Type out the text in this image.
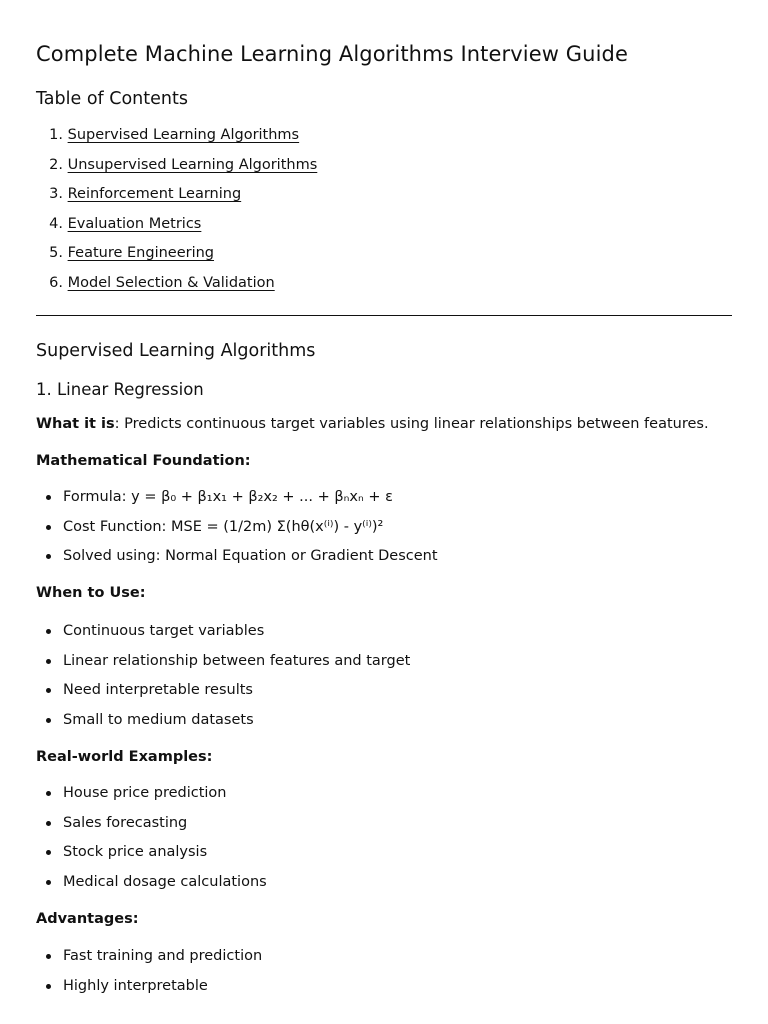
Complete Machine Learning Algorithms Interview Guide
Table of Contents
1.
Supervised Learning Algorithms
2.
Unsupervised Learning Algorithms
3.
Reinforcement Learning
4.
Evaluation Metrics
5.
Feature Engineering
6.
Model Selection & Validation
Supervised Learning Algorithms
1. Linear Regression

What it is: Predicts continuous target variables using linear relationships between features.

Mathematical Foundation:

Formula: y = β₀ + β₁x₁ + β₂x₂ + ... + βₙxₙ + ε
Cost Function: MSE = (1/2m) Σ(hθ(x⁽ⁱ⁾) - y⁽ⁱ⁾)²
Solved using: Normal Equation or Gradient Descent

When to Use:

Continuous target variables
Linear relationship between features and target
Need interpretable results
Small to medium datasets

Real-world Examples:

House price prediction
Sales forecasting
Stock price analysis
Medical dosage calculations

Advantages:

Fast training and prediction
Highly interpretable
